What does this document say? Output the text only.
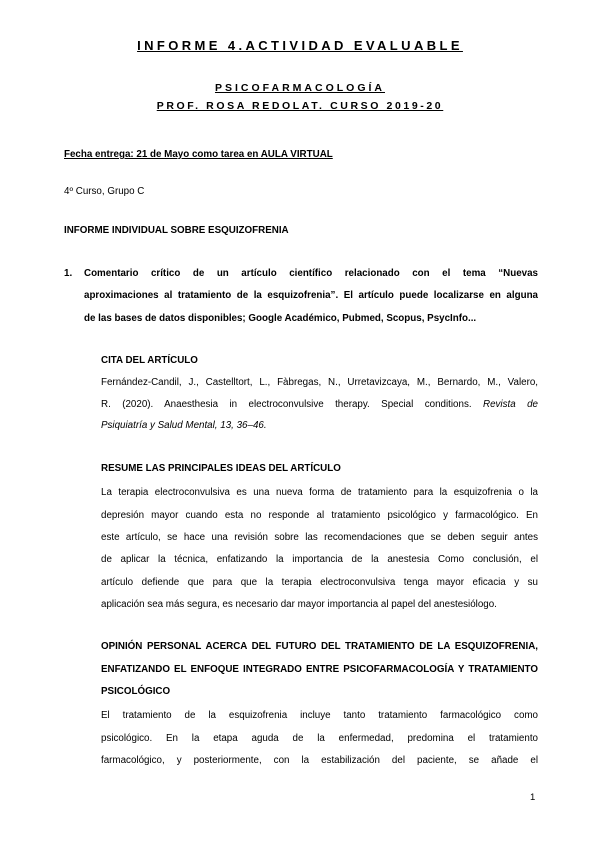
INFORME 4.ACTIVIDAD EVALUABLE
PSICOFARMACOLOGÍA
PROF. ROSA REDOLAT. CURSO 2019-20
Fecha entrega: 21 de Mayo como tarea en AULA VIRTUAL
4º Curso, Grupo C
INFORME INDIVIDUAL SOBRE ESQUIZOFRENIA
1. Comentario crítico de un artículo científico relacionado con el tema “Nuevas
aproximaciones al tratamiento de la esquizofrenia”. El artículo puede localizarse en alguna
de las bases de datos disponibles; Google Académico, Pubmed, Scopus, PsycInfo...
CITA DEL ARTÍCULO
Fernández-Candil, J., Castelltort, L., Fàbregas, N., Urretavizcaya, M., Bernardo, M., Valero,
R. (2020). Anaesthesia in electroconvulsive therapy. Special conditions. Revista de
Psiquiatría y Salud Mental, 13, 36–46.
RESUME LAS PRINCIPALES IDEAS DEL ARTÍCULO
La terapia electroconvulsiva es una nueva forma de tratamiento para la esquizofrenia o la
depresión mayor cuando esta no responde al tratamiento psicológico y farmacológico. En
este artículo, se hace una revisión sobre las recomendaciones que se deben seguir antes
de aplicar la técnica, enfatizando la importancia de la anestesia Como conclusión, el
artículo defiende que para que la terapia electroconvulsiva tenga mayor eficacia y su
aplicación sea más segura, es necesario dar mayor importancia al papel del anestesiólogo.
OPINIÓN PERSONAL ACERCA DEL FUTURO DEL TRATAMIENTO DE LA ESQUIZOFRENIA,
ENFATIZANDO EL ENFOQUE INTEGRADO ENTRE PSICOFARMACOLOGÍA Y TRATAMIENTO
PSICOLÓGICO
El tratamiento de la esquizofrenia incluye tanto tratamiento farmacológico como
psicológico. En la etapa aguda de la enfermedad, predomina el tratamiento
farmacológico, y posteriormente, con la estabilización del paciente, se añade el
1
